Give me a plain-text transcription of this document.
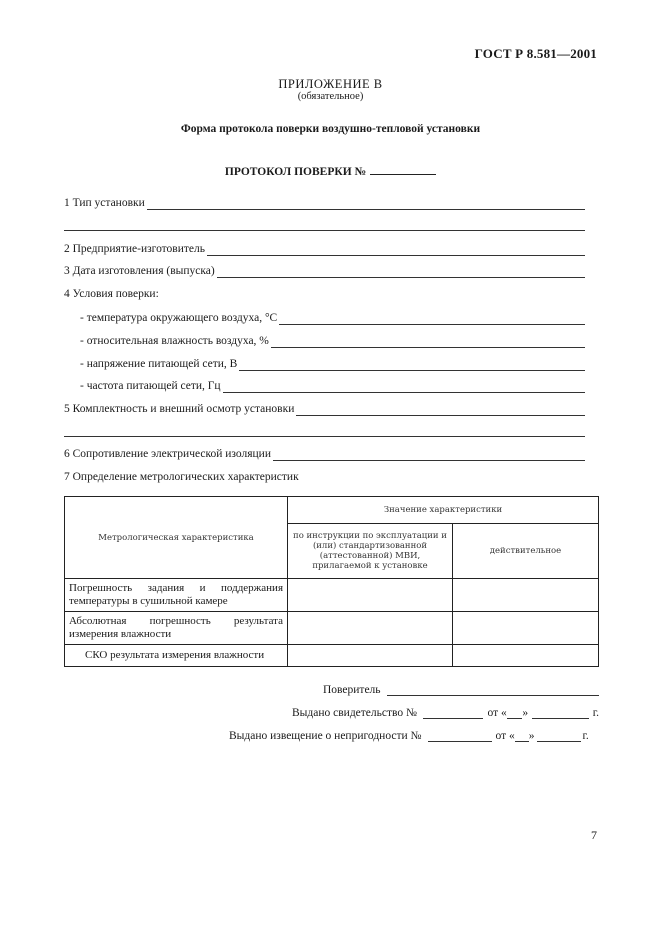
ГОСТ Р 8.581—2001
ПРИЛОЖЕНИЕ В
(обязательное)
Форма протокола поверки воздушно-тепловой установки
ПРОТОКОЛ ПОВЕРКИ №
1 Тип установки
2 Предприятие-изготовитель
3 Дата изготовления (выпуска)
4 Условия поверки:
- температура окружающего воздуха, °С
- относительная влажность воздуха, %
- напряжение питающей сети, В
- частота питающей сети, Гц
5 Комплектность и внешний осмотр установки
6 Сопротивление электрической изоляции
7 Определение метрологических характеристик
Метрологическая характеристика	Значение характеристики	
	по инструкции по эксплуатации и (или) стандартизованной (аттестованной) МВИ, прилагаемой к установке	действительное
Погрешность задания и поддержания температуры в сушильной камере		
Абсолютная погрешность результата измерения влажности		
СКО результата измерения влажности		
Поверитель
Выдано свидетельство №	от « »	г.
Выдано извещение о непригодности №	от « »	г.
7
